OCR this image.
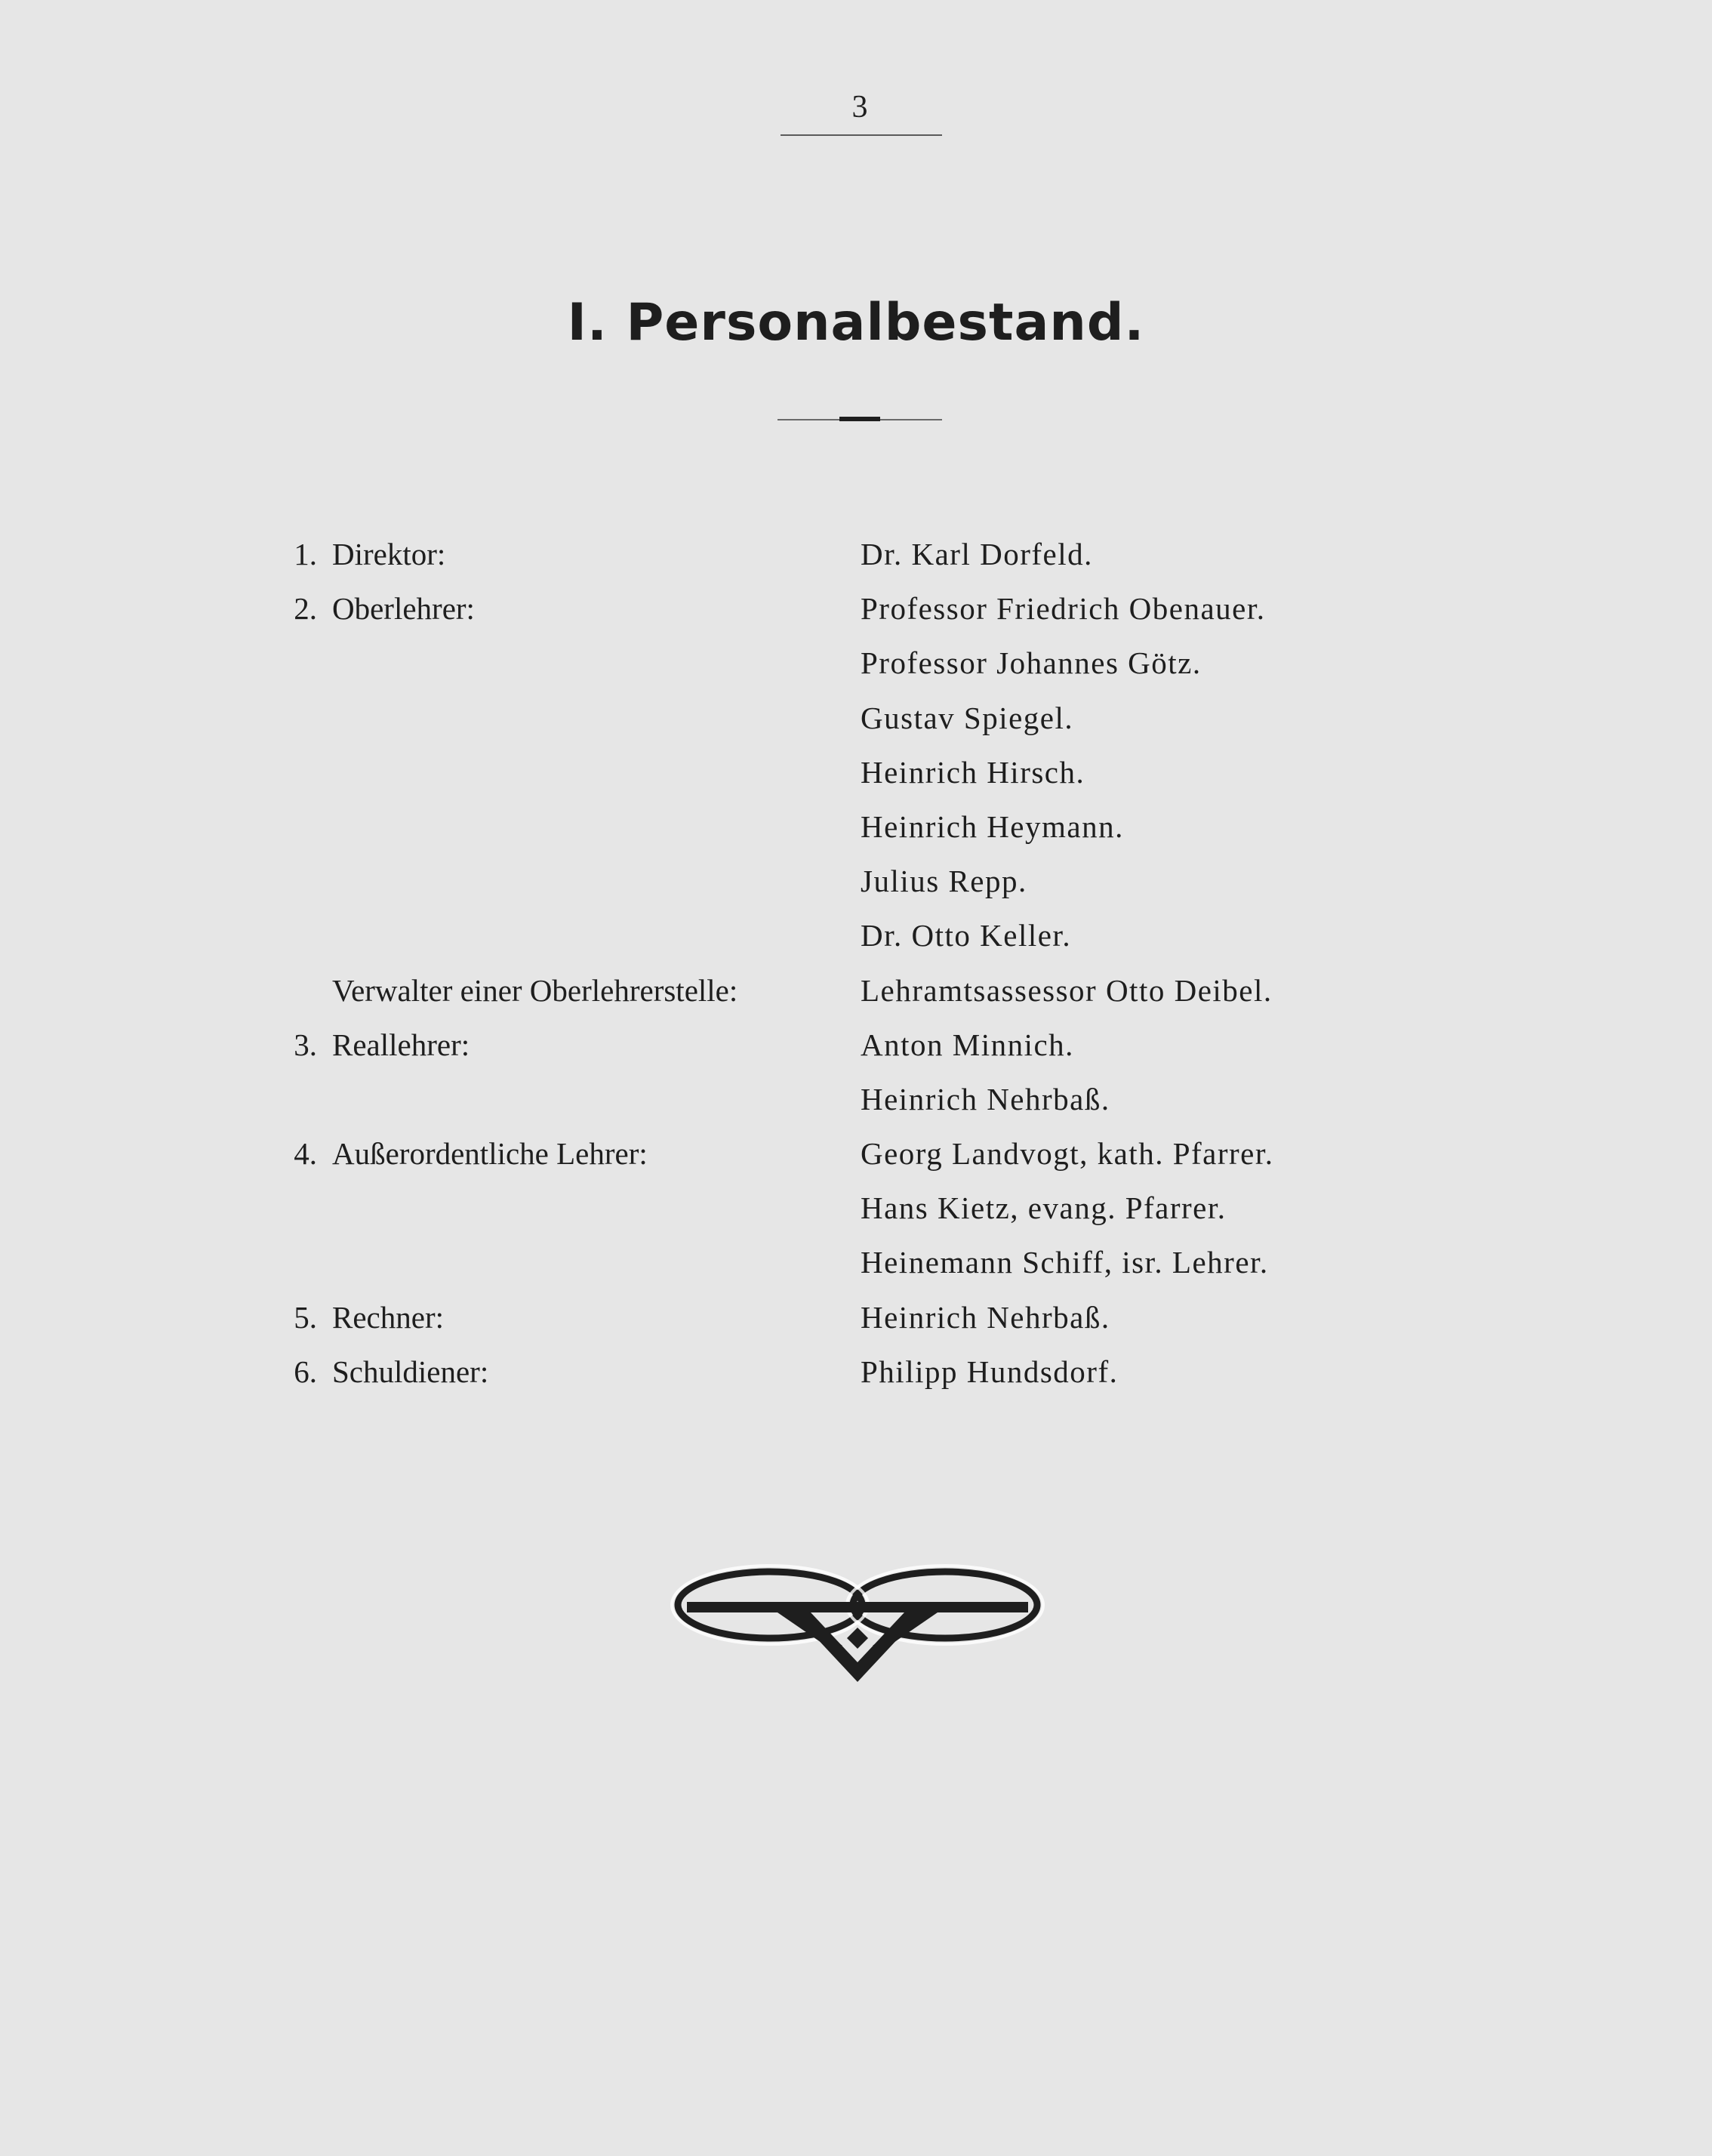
3
I. Personalbestand.
1. Direktor:	Dr. Karl Dorfeld.
2. Oberlehrer:	Professor Friedrich Obenauer.
Professor Johannes Götz.
Gustav Spiegel.
Heinrich Hirsch.
Heinrich Heymann.
Julius Repp.
Dr. Otto Keller.
Verwalter einer Oberlehrerstelle:	Lehramtsassessor Otto Deibel.
3. Reallehrer:	Anton Minnich.
Heinrich Nehrbaß.
4. Außerordentliche Lehrer:	Georg Landvogt, kath. Pfarrer.
Hans Kietz, evang. Pfarrer.
Heinemann Schiff, isr. Lehrer.
5. Rechner:	Heinrich Nehrbaß.
6. Schuldiener:	Philipp Hundsdorf.
